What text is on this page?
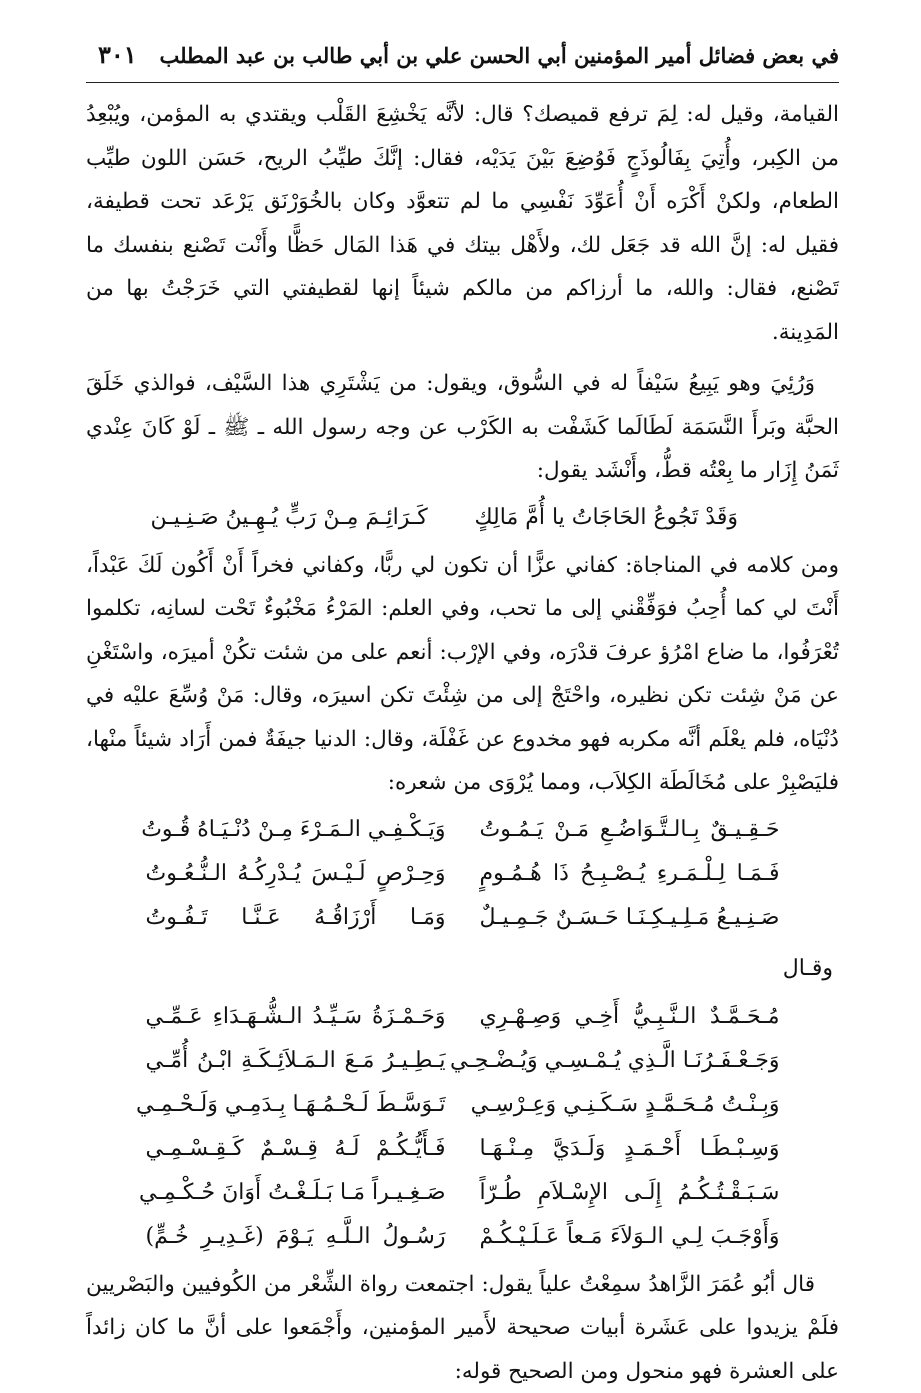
في بعض فضائل أمير المؤمنين أبي الحسن علي بن أبي طالب بن عبد المطلب
٣٠١

القيامة، وقيل له: لِمَ ترفع قميصك؟ قال: لأنَّه يَخْشِعَ القَلْب ويقتدي به المؤمن، ويُبْعِدُ من الكِبر، وأُتِيَ بِفَالُوذَجٍ فَوُضِعَ بَيْنَ يَدَيْه، فقال: إنَّكَ طيِّبُ الريح، حَسَن اللون طيِّب الطعام، ولكنْ أَكْرَه أَنْ أُعَوِّدَ نَفْسِي ما لم تتعوَّد وكان بالخُوَرْنَق يَرْعَد تحت قطيفة، فقيل له: إنَّ الله قد جَعَل لك، ولأَهْل بيتك في هَذا المَال حَظًّا وأَنْت تَصْنع بنفسك ما تَصْنع، فقال: والله، ما أرزاكم من مالكم شيئاً إنها لقطيفتي التي خَرَجْتُ بها من المَدِينة.

وَرُئِيَ وهو يَبِيعُ سَيْفاً له في السُّوق، ويقول: من يَشْتَرِي هذا السَّيْف، فوالذي خَلَقَ الحبَّة وبَرأَ النَّسَمَة لَطَالَما كَشَفْت به الكَرْب عن وجه رسول الله ـ ﷺ ـ لَوْ كَانَ عِنْدي ثَمَنُ إِزَار ما بِعْتُه قطُّ، وأَنْشَد يقول:

وَقَدْ تَجُوعُ الحَاجَاتُ يا أُمَّ مَالِكٍ
كَـرَائِـمَ مِـنْ رَبٍّ يُـهِـينُ صَـنِـيـن

ومن كلامه في المناجاة: كفاني عزًّا أن تكون لي ربًّا، وكفاني فخراً أَنْ أَكُون لَكَ عَبْداً، أَنْتَ لي كما أُحِبُ فوَفِّقْني إلى ما تحب، وفي العلم: المَرْءُ مَخْبُوءٌ تَحْت لسانِه، تكلموا تُعْرَفُوا، ما ضاع امْرُؤ عرفَ قدْرَه، وفي الإرْب: أنعم على من شئت تكُنْ أميرَه، واسْتَغْنِ عن مَنْ شِئت تكن نظيره، واحْتَجْ إلى من شِئْتَ تكن اسيرَه، وقال: مَنْ وُسِّعَ عليْه في دُنْيَاه، فلم يعْلَم أنَّه مكربه فهو مخدوع عن غَفْلَة، وقال: الدنيا جيفَةٌ فمن أَرَاد شيئاً منْها، فليَصْبِرْ على مُخَالَطَة الكِلاَب، ومما يُرْوَى من شعره:

حَـقِـيـقٌ بِـالـتَّـوَاضُـعِ مَـنْ يَـمُـوتُ
وَيَـكْـفِـي الـمَـرْءَ مِـنْ دُنْـيَـاهُ قُـوتُ
فَـمَـا لِـلْـمَـرءِ يُـصْـبِـحُ ذَا هُـمُـومٍ
وَحِـرْصٍ لَـيْـسَ يُـدْرِكُـهُ الـنُّـعُـوتُ
صَـنِـيـعُ مَـلِـيـكِـنَـا حَـسَـنٌ جَـمِـيـلٌ
وَمَـا أَرْزَاقُـهُ عَـنَّـا تَـفُـوتُ
وقـال
مُـحَـمَّـدٌ الـنَّـبِـيُّ أَخِـي وَصِـهْـرِي
وَحَـمْـزَةُ سَـيِّـدُ الـشُّـهَـدَاءِ عَـمِّـي
وَجَـعْـفَـرُنَـا الَّـذِي يُـمْـسِـي وَيُـضْـحِـي
يَـطِـيـرُ مَـعَ الـمَـلاَئِـكَـةِ ابْـنُ أُمِّـي
وَبِـنْـتُ مُـحَـمَّـدٍ سَـكَـنِـي وَعِـرْسِـي
تَـوَسَّـطَ لَـحْـمُـهَـا بِـدَمِـي وَلَـحْـمِـي
وَسِـبْـطَـا أَحْـمَـدٍ وَلَـدَيَّ مِـنْـهَـا
فَـأَيُّـكُـمْ لَـهُ قِـسْـمٌ كَـقِـسْـمِـي
سَـبَـقْـتُـكُـمُ إِلَـى الإِسْـلاَمِ طُـرّاً
صَـغِـيـراً مَـا بَـلَـغْـتُ أَوَانَ حُـكْـمِـي
وَأَوْجَـبَ لِـي الـوَلاَءَ مَـعاً عَـلَـيْـكُـمْ
رَسُـولُ الـلَّـهِ يَـوْمَ (غَـدِيـرِ خُـمٍّ)

قال أبُو عُمَرَ الزَّاهدُ سمِعْتُ علياً يقول: اجتمعت رواة الشِّعْر من الكُوفيين والبَصْريين فلَمْ يزيدوا على عَشَرة أبيات صحيحة لأَمير المؤمنين، وأَجْمَعوا على أنَّ ما كان زائداً على العشرة فهو منحول ومن الصحيح قوله:
